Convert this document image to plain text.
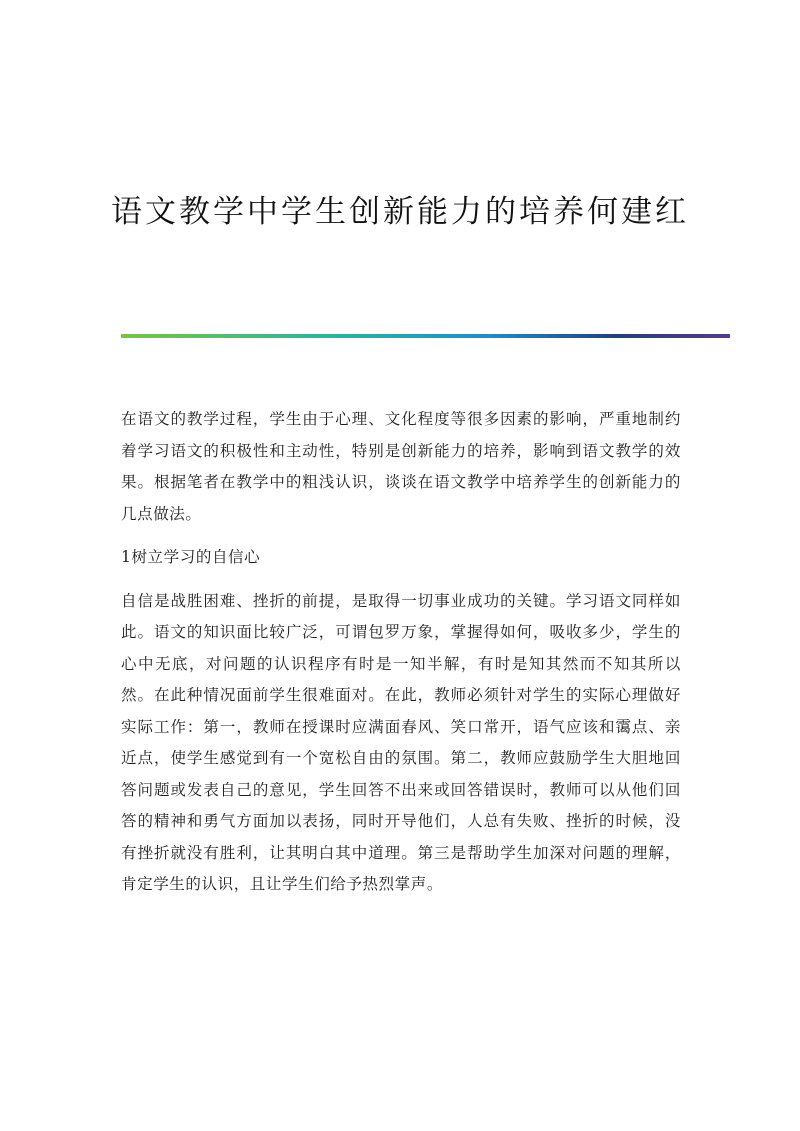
语文教学中学生创新能力的培养何建红

在语文的教学过程，学生由于心理、文化程度等很多因素的影响，严重地制约着学习语文的积极性和主动性，特别是创新能力的培养，影响到语文教学的效果。根据笔者在教学中的粗浅认识，谈谈在语文教学中培养学生的创新能力的几点做法。

1树立学习的自信心

自信是战胜困难、挫折的前提，是取得一切事业成功的关键。学习语文同样如此。语文的知识面比较广泛，可谓包罗万象，掌握得如何，吸收多少，学生的心中无底，对问题的认识程序有时是一知半解，有时是知其然而不知其所以然。在此种情况面前学生很难面对。在此，教师必须针对学生的实际心理做好实际工作：第一，教师在授课时应满面春风、笑口常开，语气应该和霭点、亲近点，使学生感觉到有一个宽松自由的氛围。第二，教师应鼓励学生大胆地回答问题或发表自己的意见，学生回答不出来或回答错误时，教师可以从他们回答的精神和勇气方面加以表扬，同时开导他们，人总有失败、挫折的时候，没有挫折就没有胜利，让其明白其中道理。第三是帮助学生加深对问题的理解，肯定学生的认识，且让学生们给予热烈掌声。
